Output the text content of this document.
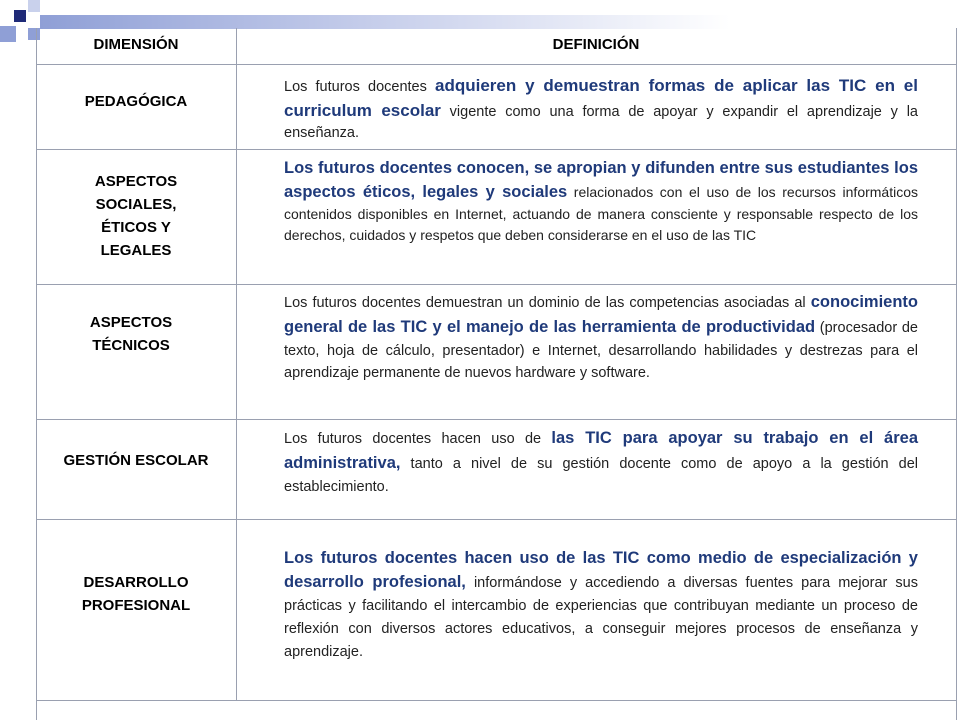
DIMENSIÓN	DEFINICIÓN
PEDAGÓGICA
ASPECTOS
SOCIALES,
ÉTICOS Y
LEGALES
ASPECTOS
TÉCNICOS
GESTIÓN ESCOLAR
DESARROLLO
PROFESIONAL
Los futuros docentes adquieren y demuestran formas de aplicar las TIC en el curriculum escolar vigente como una forma de apoyar y expandir el aprendizaje y la enseñanza.
Los futuros docentes conocen, se apropian y difunden entre sus estudiantes los aspectos éticos, legales y sociales relacionados con el uso de los recursos informáticos contenidos disponibles en Internet, actuando de manera consciente y responsable respecto de los derechos, cuidados y respetos que deben considerarse en el uso de las TIC
Los futuros docentes demuestran un dominio de las competencias asociadas al conocimiento general de las TIC y el manejo de las herramienta de productividad (procesador de texto, hoja de cálculo, presentador) e Internet, desarrollando habilidades y destrezas para el aprendizaje permanente de nuevos hardware y software.
Los futuros docentes hacen uso de las TIC para apoyar su trabajo en el área administrativa, tanto a nivel de su gestión docente como de apoyo a la gestión del establecimiento.
Los futuros docentes hacen uso de las TIC como medio de especialización y desarrollo profesional, informándose y accediendo a diversas fuentes para mejorar sus prácticas y facilitando el intercambio de experiencias que contribuyan mediante un proceso de reflexión con diversos actores educativos, a conseguir mejores procesos de enseñanza y aprendizaje.
